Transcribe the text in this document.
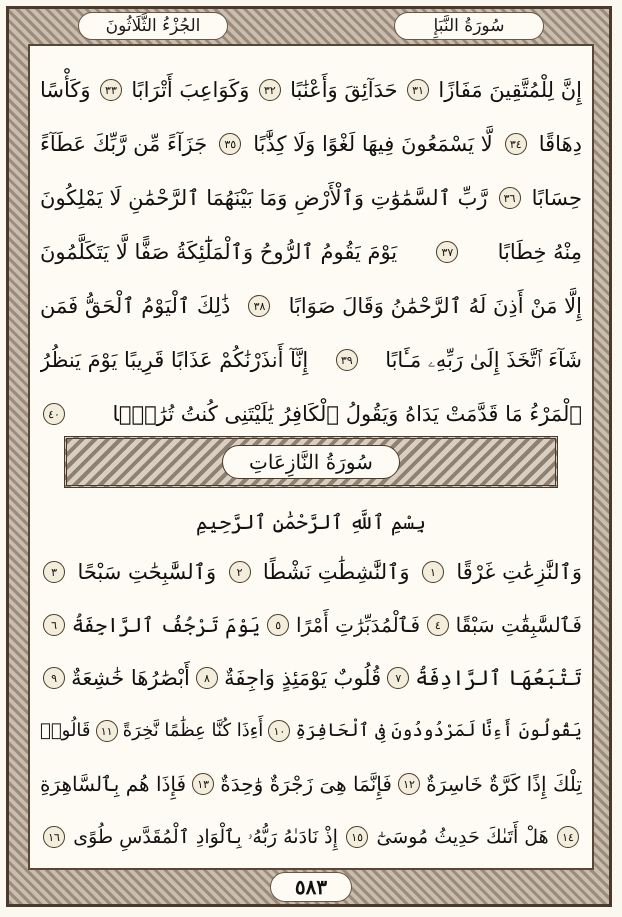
الجُزْءُ الثَّلَاثُونَ	سُورَةُ النَّبَإِ
إِنَّ لِلْمُتَّقِينَ مَفَازًا
٣١
حَدَآئِقَ وَأَعْنَٰبًا
٣٢
وَكَوَاعِبَ أَتْرَابًا
٣٣
وَكَأْسًا
دِهَاقًا
٣٤
لَّا يَسْمَعُونَ فِيهَا لَغْوًا وَلَا كِذَّٰبًا
٣٥
جَزَآءً مِّن رَّبِّكَ عَطَآءً
حِسَابًا
٣٦
رَّبِّ ٱلسَّمَٰوَٰتِ وَٱلْأَرْضِ وَمَا بَيْنَهُمَا ٱلرَّحْمَٰنِ لَا يَمْلِكُونَ
مِنْهُ خِطَابًا
٣٧
يَوْمَ يَقُومُ ٱلرُّوحُ وَٱلْمَلَٰٓئِكَةُ صَفًّا لَّا يَتَكَلَّمُونَ
إِلَّا مَنْ أَذِنَ لَهُ ٱلرَّحْمَٰنُ وَقَالَ صَوَابًا
٣٨
ذَٰلِكَ ٱلْيَوْمُ ٱلْحَقُّ فَمَن
شَآءَ ٱتَّخَذَ إِلَىٰ رَبِّهِۦ مَـَٔابًا
٣٩
إِنَّآ أَنذَرْنَٰكُمْ عَذَابًا قَرِيبًا يَوْمَ يَنظُرُ
ٱلْمَرْءُ مَا قَدَّمَتْ يَدَاهُ وَيَقُولُ ٱلْكَافِرُ يَٰلَيْتَنِى كُنتُ تُرَٰبًۢا
٤٠
سُورَةُ النَّازِعَاتِ
بِسْمِ ٱللَّهِ ٱلرَّحْمَٰنِ ٱلرَّحِيمِ
وَٱلنَّٰزِعَٰتِ غَرْقًا
١
وَٱلنَّٰشِطَٰتِ نَشْطًا
٢
وَٱلسَّٰبِحَٰتِ سَبْحًا
٣
فَٱلسَّٰبِقَٰتِ سَبْقًا
٤
فَٱلْمُدَبِّرَٰتِ أَمْرًا
٥
يَوْمَ تَرْجُفُ ٱلرَّاجِفَةُ
٦
تَتْبَعُهَا ٱلرَّادِفَةُ
٧
قُلُوبٌ يَوْمَئِذٍ وَاجِفَةٌ
٨
أَبْصَٰرُهَا خَٰشِعَةٌ
٩
يَقُولُونَ أَءِنَّا لَمَرْدُودُونَ فِى ٱلْحَافِرَةِ
١٠
أَءِذَا كُنَّا عِظَٰمًا نَّخِرَةً
١١
قَالُوا۟
تِلْكَ إِذًا كَرَّةٌ خَاسِرَةٌ
١٢
فَإِنَّمَا هِىَ زَجْرَةٌ وَٰحِدَةٌ
١٣
فَإِذَا هُم بِٱلسَّاهِرَةِ
١٤
هَلْ أَتَىٰكَ حَدِيثُ مُوسَىٰٓ
١٥
إِذْ نَادَىٰهُ رَبُّهُۥ بِٱلْوَادِ ٱلْمُقَدَّسِ طُوًى
١٦
٥٨٣
